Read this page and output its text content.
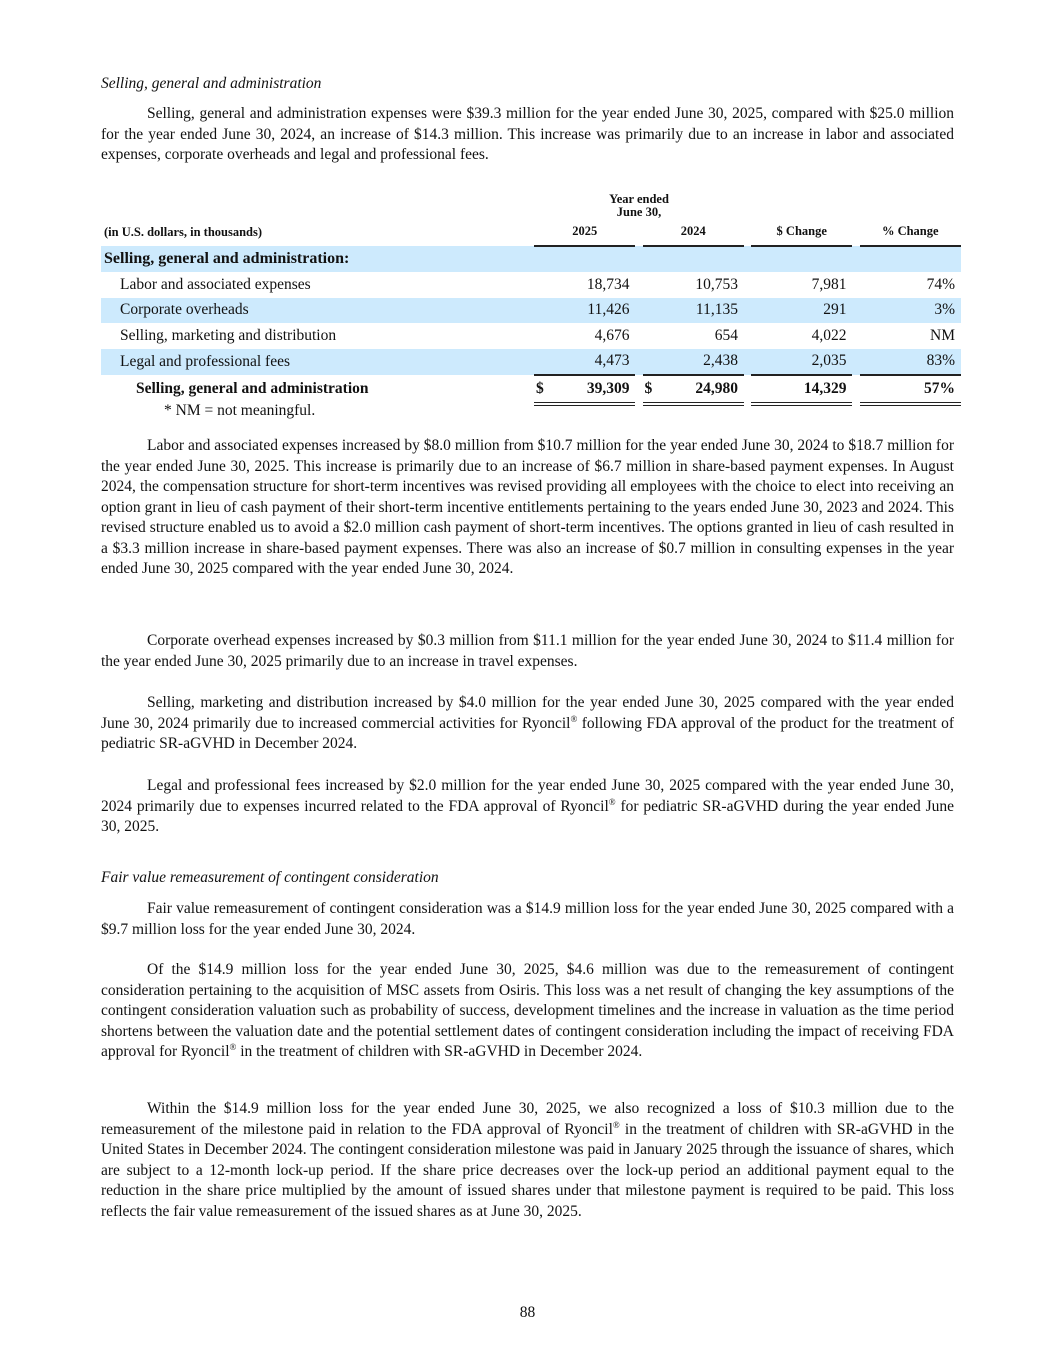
Selling, general and administration

Selling, general and administration expenses were $39.3 million for the year ended June 30, 2025, compared with $25.0 million for the year ended June 30, 2024, an increase of $14.3 million. This increase was primarily due to an increase in labor and associated expenses, corporate overheads and legal and professional fees.

	Year ended
June 30,						

(in U.S. dollars, in thousands)	2025		2024		$ Change		% Change
Selling, general and administration:							
Labor and associated expenses	18,734		10,753		7,981		74%
Corporate overheads	11,426		11,135		291		3%
Selling, marketing and distribution	4,676		654		4,022		NM
Legal and professional fees	4,473		2,438		2,035		83%
Selling, general and administration	$ 39,309		$ 24,980		14,329		57%
* NM = not meaningful.

Labor and associated expenses increased by $8.0 million from $10.7 million for the year ended June 30, 2024 to $18.7 million for the year ended June 30, 2025. This increase is primarily due to an increase of $6.7 million in share-based payment expenses. In August 2024, the compensation structure for short-term incentives was revised providing all employees with the choice to elect into receiving an option grant in lieu of cash payment of their short-term incentive entitlements pertaining to the years ended June 30, 2023 and 2024. This revised structure enabled us to avoid a $2.0 million cash payment of short-term incentives. The options granted in lieu of cash resulted in a $3.3 million increase in share-based payment expenses. There was also an increase of $0.7 million in consulting expenses in the year ended June 30, 2025 compared with the year ended June 30, 2024.

Corporate overhead expenses increased by $0.3 million from $11.1 million for the year ended June 30, 2024 to $11.4 million for the year ended June 30, 2025 primarily due to an increase in travel expenses.

Selling, marketing and distribution increased by $4.0 million for the year ended June 30, 2025 compared with the year ended June 30, 2024 primarily due to increased commercial activities for Ryoncil® following FDA approval of the product for the treatment of pediatric SR-aGVHD in December 2024.

Legal and professional fees increased by $2.0 million for the year ended June 30, 2025 compared with the year ended June 30, 2024 primarily due to expenses incurred related to the FDA approval of Ryoncil® for pediatric SR-aGVHD during the year ended June 30, 2025.

Fair value remeasurement of contingent consideration

Fair value remeasurement of contingent consideration was a $14.9 million loss for the year ended June 30, 2025 compared with a $9.7 million loss for the year ended June 30, 2024.

Of the $14.9 million loss for the year ended June 30, 2025, $4.6 million was due to the remeasurement of contingent consideration pertaining to the acquisition of MSC assets from Osiris. This loss was a net result of changing the key assumptions of the contingent consideration valuation such as probability of success, development timelines and the increase in valuation as the time period shortens between the valuation date and the potential settlement dates of contingent consideration including the impact of receiving FDA approval for Ryoncil® in the treatment of children with SR-aGVHD in December 2024.

Within the $14.9 million loss for the year ended June 30, 2025, we also recognized a loss of $10.3 million due to the remeasurement of the milestone paid in relation to the FDA approval of Ryoncil® in the treatment of children with SR-aGVHD in the United States in December 2024. The contingent consideration milestone was paid in January 2025 through the issuance of shares, which are subject to a 12-month lock-up period. If the share price decreases over the lock-up period an additional payment equal to the reduction in the share price multiplied by the amount of issued shares under that milestone payment is required to be paid. This loss reflects the fair value remeasurement of the issued shares as at June 30, 2025.

88
